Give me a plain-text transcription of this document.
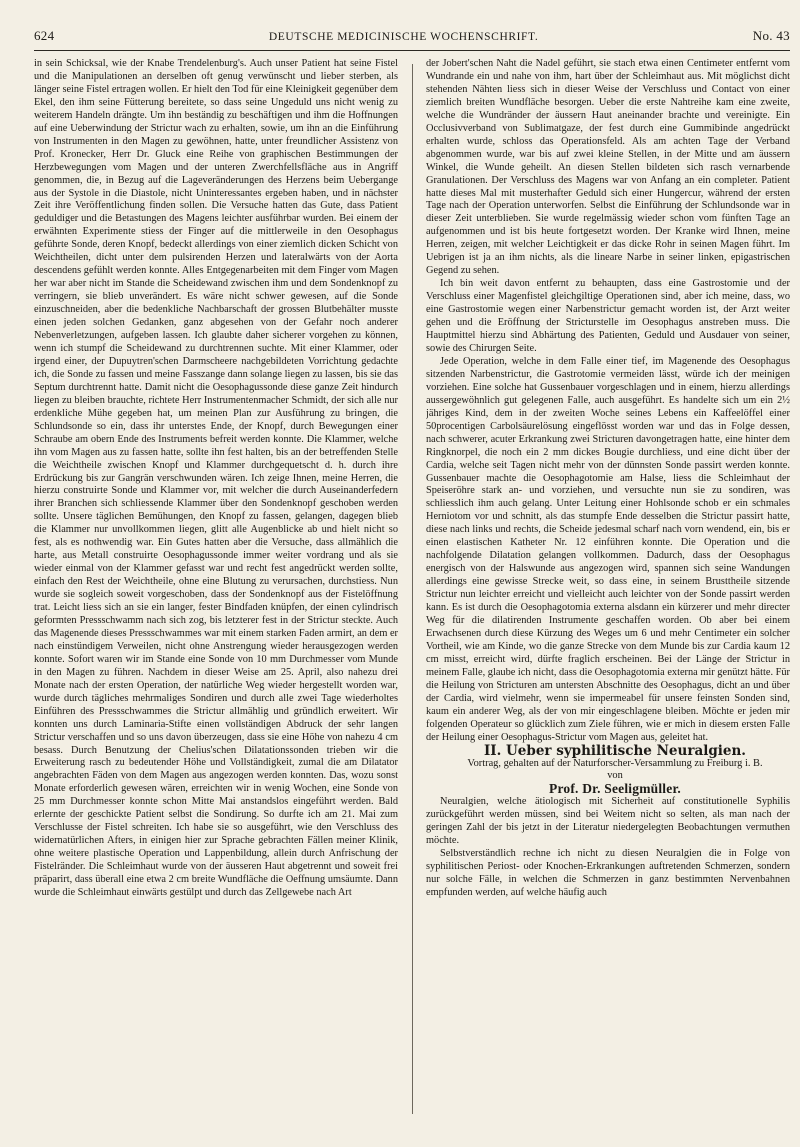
624	DEUTSCHE MEDICINISCHE WOCHENSCHRIFT.	No. 43

in sein Schicksal, wie der Knabe Trendelenburg's. Auch unser Patient hat seine Fistel und die Manipulationen an derselben oft genug verwünscht und lieber sterben, als länger seine Fistel ertragen wollen. Er hielt den Tod für eine Kleinigkeit gegenüber dem Ekel, den ihm seine Fütterung bereitete, so dass seine Ungeduld uns nicht wenig zu weiterem Handeln drängte. Um ihn beständig zu beschäftigen und ihm die Hoffnungen auf eine Ueberwindung der Strictur wach zu erhalten, sowie, um ihn an die Einführung von Instrumenten in den Magen zu gewöhnen, hatte, unter freundlicher Assistenz von Prof. Kronecker, Herr Dr. Gluck eine Reihe von graphischen Bestimmungen der Herzbewegungen vom Magen und der unteren Zwerchfellsfläche aus in Angriff genommen, die, in Bezug auf die Lageveränderungen des Herzens beim Uebergange aus der Systole in die Diastole, nicht Uninteressantes ergeben haben, und in nächster Zeit ihre Veröffentlichung finden sollen. Die Versuche hatten das Gute, dass Patient geduldiger und die Betastungen des Magens leichter ausführbar wurden. Bei einem der erwähnten Experimente stiess der Finger auf die mittlerweile in den Oesophagus geführte Sonde, deren Knopf, bedeckt allerdings von einer ziemlich dicken Schicht von Weichtheilen, dicht unter dem pulsirenden Herzen und lateralwärts von der Aorta descendens gefühlt werden konnte. Alles Entgegenarbeiten mit dem Finger vom Magen her war aber nicht im Stande die Scheidewand zwischen ihm und dem Sondenknopf zu verringern, sie blieb unverändert. Es wäre nicht schwer gewesen, auf die Sonde einzuschneiden, aber die bedenkliche Nachbarschaft der grossen Blutbehälter musste einen jeden solchen Gedanken, ganz abgesehen von der Gefahr noch anderer Nebenverletzungen, aufgeben lassen. Ich glaubte daher sicherer vorgehen zu können, wenn ich stumpf die Scheidewand zu durchtrennen suchte. Mit einer Klammer, oder irgend einer, der Dupuytren'schen Darmscheere nachgebildeten Vorrichtung gedachte ich, die Sonde zu fassen und meine Fasszange dann solange liegen zu lassen, bis sie das Septum durchtrennt hatte. Damit nicht die Oesophagussonde diese ganze Zeit hindurch liegen zu bleiben brauchte, richtete Herr Instrumentenmacher Schmidt, der sich alle nur erdenkliche Mühe gegeben hat, um meinen Plan zur Ausführung zu bringen, die Schlundsonde so ein, dass ihr unterstes Ende, der Knopf, durch Bewegungen einer Schraube am obern Ende des Instruments befreit werden konnte. Die Klammer, welche ihn vom Magen aus zu fassen hatte, sollte ihn fest halten, bis an der betreffenden Stelle die Weichtheile zwischen Knopf und Klammer durchgequetscht d. h. durch ihre Erdrückung bis zur Gangrän verschwunden wären. Ich zeige Ihnen, meine Herren, die hierzu construirte Sonde und Klammer vor, mit welcher die durch Auseinanderfedern ihrer Branchen sich schliessende Klammer über den Sondenknopf geschoben werden sollte. Unsere täglichen Bemühungen, den Knopf zu fassen, gelangen, dagegen blieb die Klammer nur unvollkommen liegen, glitt alle Augenblicke ab und hielt nicht so fest, als es nothwendig war. Ein Gutes hatten aber die Versuche, dass allmählich die harte, aus Metall construirte Oesophagussonde immer weiter vordrang und als sie wieder einmal von der Klammer gefasst war und recht fest angedrückt werden sollte, einfach den Rest der Weichtheile, ohne eine Blutung zu verursachen, durchstiess. Nun wurde sie sogleich soweit vorgeschoben, dass der Sondenknopf aus der Fistelöffnung trat. Leicht liess sich an sie ein langer, fester Bindfaden knüpfen, der einen cylindrisch geformten Pressschwamm nach sich zog, bis letzterer fest in der Strictur steckte. Auch das Magenende dieses Pressschwammes war mit einem starken Faden armirt, an dem er nach einstündigem Verweilen, nicht ohne Anstrengung wieder herausgezogen werden konnte. Sofort waren wir im Stande eine Sonde von 10 mm Durchmesser vom Munde in den Magen zu führen. Nachdem in dieser Weise am 25. April, also nahezu drei Monate nach der ersten Operation, der natürliche Weg wieder hergestellt worden war, wurde durch tägliches mehrmaliges Sondiren und durch alle zwei Tage wiederholtes Einführen des Pressschwammes die Strictur allmählig und gründlich erweitert. Wir konnten uns durch Laminaria-Stifte einen vollständigen Abdruck der sehr langen Strictur verschaffen und so uns davon überzeugen, dass sie eine Höhe von nahezu 4 cm besass. Durch Benutzung der Chelius'schen Dilatationssonden trieben wir die Erweiterung rasch zu bedeutender Höhe und Vollständigkeit, zumal die am Dilatator angebrachten Fäden von dem Magen aus angezogen werden konnten. Das, wozu sonst Monate erforderlich gewesen wären, erreichten wir in wenig Wochen, eine Sonde von 25 mm Durchmesser konnte schon Mitte Mai anstandslos eingeführt werden. Bald erlernte der geschickte Patient selbst die Sondirung. So durfte ich am 21. Mai zum Verschlusse der Fistel schreiten. Ich habe sie so ausgeführt, wie den Verschluss des widernatürlichen Afters, in einigen hier zur Sprache gebrachten Fällen meiner Klinik, ohne weitere plastische Operation und Lappenbildung, allein durch Anfrischung der Fistelränder. Die Schleimhaut wurde von der äusseren Haut abgetrennt und soweit frei präparirt, dass überall eine etwa 2 cm breite Wundfläche die Oeffnung umsäumte. Dann wurde die Schleimhaut einwärts gestülpt und durch das Zellgewebe nach Art

der Jobert'schen Naht die Nadel geführt, sie stach etwa einen Centimeter entfernt vom Wundrande ein und nahe von ihm, hart über der Schleimhaut aus. Mit möglichst dicht stehenden Nähten liess sich in dieser Weise der Verschluss und Contact von einer ziemlich breiten Wundfläche besorgen. Ueber die erste Nahtreihe kam eine zweite, welche die Wundränder der äussern Haut aneinander brachte und vereinigte. Ein Occlusivverband von Sublimatgaze, der fest durch eine Gummibinde angedrückt erhalten wurde, schloss das Operationsfeld. Als am achten Tage der Verband abgenommen wurde, war bis auf zwei kleine Stellen, in der Mitte und am äussern Winkel, die Wunde geheilt. An diesen Stellen bildeten sich rasch vernarbende Granulationen. Der Verschluss des Magens war von Anfang an ein completer. Patient hatte dieses Mal mit musterhafter Geduld sich einer Hungercur, während der ersten Tage nach der Operation unterworfen. Selbst die Einführung der Schlundsonde war in dieser Zeit unterblieben. Sie wurde regelmässig wieder schon vom fünften Tage an aufgenommen und ist bis heute fortgesetzt worden. Der Kranke wird Ihnen, meine Herren, zeigen, mit welcher Leichtigkeit er das dicke Rohr in seinen Magen führt. Im Uebrigen ist ja an ihm nichts, als die lineare Narbe in seiner linken, epigastrischen Gegend zu sehen.

Ich bin weit davon entfernt zu behaupten, dass eine Gastrostomie und der Verschluss einer Magenfistel gleichgiltige Operationen sind, aber ich meine, dass, wo eine Gastrostomie wegen einer Narbenstrictur gemacht worden ist, der Arzt weiter gehen und die Eröffnung der Stricturstelle im Oesophagus anstreben muss. Die Hauptmittel hierzu sind Abhärtung des Patienten, Geduld und Ausdauer von seiner, sowie des Chirurgen Seite.

Jede Operation, welche in dem Falle einer tief, im Magenende des Oesophagus sitzenden Narbenstrictur, die Gastrotomie vermeiden lässt, würde ich der meinigen vorziehen. Eine solche hat Gussenbauer vorgeschlagen und in einem, hierzu allerdings aussergewöhnlich gut gelegenen Falle, auch ausgeführt. Es handelte sich um ein 2½ jähriges Kind, dem in der zweiten Woche seines Lebens ein Kaffeelöffel einer 50procentigen Carbolsäurelösung eingeflösst worden war und das in Folge dessen, nach schwerer, acuter Erkrankung zwei Stricturen davongetragen hatte, eine hinter dem Ringknorpel, die noch ein 2 mm dickes Bougie durchliess, und eine dicht über der Cardia, welche seit Tagen nicht mehr von der dünnsten Sonde passirt werden konnte. Gussenbauer machte die Oesophagotomie am Halse, liess die Schleimhaut der Speiseröhre stark an- und vorziehen, und versuchte nun sie zu sondiren, was schliesslich ihm auch gelang. Unter Leitung einer Hohlsonde schob er ein schmales Herniotom vor und schnitt, als das stumpfe Ende desselben die Strictur passirt hatte, diese nach links und rechts, die Scheide jedesmal scharf nach vorn wendend, ein, bis er einen elastischen Katheter Nr. 12 einführen konnte. Die Operation und die nachfolgende Dilatation gelangen vollkommen. Dadurch, dass der Oesophagus energisch von der Halswunde aus angezogen wird, spannen sich seine Wandungen allerdings eine gewisse Strecke weit, so dass eine, in seinem Brusttheile sitzende Strictur nun leichter erreicht und vielleicht auch leichter von der Sonde passirt werden kann. Es ist durch die Oesophagotomia externa alsdann ein kürzerer und mehr directer Weg für die dilatirenden Instrumente geschaffen worden. Ob aber bei einem Erwachsenen durch diese Kürzung des Weges um 6 und mehr Centimeter ein solcher Vortheil, wie am Kinde, wo die ganze Strecke von dem Munde bis zur Cardia kaum 12 cm misst, erreicht wird, dürfte fraglich erscheinen. Bei der Länge der Strictur in meinem Falle, glaube ich nicht, dass die Oesophagotomia externa mir genützt hätte. Für die Heilung von Stricturen am untersten Abschnitte des Oesophagus, dicht an und über der Cardia, wird vielmehr, wenn sie impermeabel für unsere feinsten Sonden sind, kaum ein anderer Weg, als der von mir eingeschlagene bleiben. Möchte er jeden mir folgenden Operateur so glücklich zum Ziele führen, wie er mich in diesem ersten Falle der Heilung einer Oesophagus-Strictur vom Magen aus, geleitet hat.

II. Ueber syphilitische Neuralgien.

Vortrag, gehalten auf der Naturforscher-Versammlung zu Freiburg i. B.

von

Prof. Dr. Seeligmüller.

Neuralgien, welche ätiologisch mit Sicherheit auf constitutionelle Syphilis zurückgeführt werden müssen, sind bei Weitem nicht so selten, als man nach der geringen Zahl der bis jetzt in der Literatur niedergelegten Beobachtungen vermuthen möchte.

Selbstverständlich rechne ich nicht zu diesen Neuralgien die in Folge von syphilitischen Periost- oder Knochen-Erkrankungen auftretenden Schmerzen, sondern nur solche Fälle, in welchen die Schmerzen in ganz bestimmten Nervenbahnen empfunden werden, auf welche häufig auch
